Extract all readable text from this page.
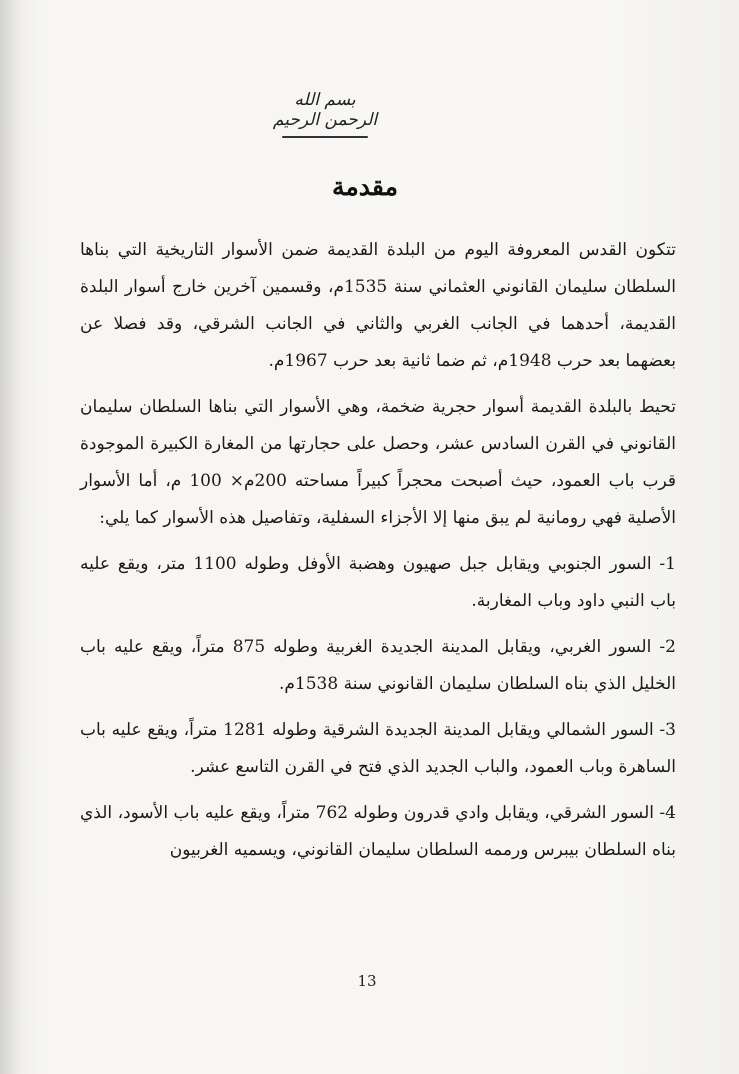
بسم الله الرحمن الرحيم
مقدمة

تتكون القدس المعروفة اليوم من البلدة القديمة ضمن الأسوار التاريخية التي بناها السلطان سليمان القانوني العثماني سنة 1535م، وقسمين آخرين خارج أسوار البلدة القديمة، أحدهما في الجانب الغربي والثاني في الجانب الشرقي، وقد فصلا عن بعضهما بعد حرب 1948م، ثم ضما ثانية بعد حرب 1967م.

تحيط بالبلدة القديمة أسوار حجرية ضخمة، وهي الأسوار التي بناها السلطان سليمان القانوني في القرن السادس عشر، وحصل على حجارتها من المغارة الكبيرة الموجودة قرب باب العمود، حيث أصبحت محجراً كبيراً مساحته 200م× 100 م، أما الأسوار الأصلية فهي رومانية لم يبق منها إلا الأجزاء السفلية، وتفاصيل هذه الأسوار كما يلي:

1- السور الجنوبي ويقابل جبل صهيون وهضبة الأوفل وطوله 1100 متر، ويقع عليه باب النبي داود وباب المغاربة.

2- السور الغربي، ويقابل المدينة الجديدة الغربية وطوله 875 متراً، ويقع عليه باب الخليل الذي بناه السلطان سليمان القانوني سنة 1538م.

3- السور الشمالي ويقابل المدينة الجديدة الشرقية وطوله 1281 متراً، ويقع عليه باب الساهرة وباب العمود، والباب الجديد الذي فتح في القرن التاسع عشر.

4- السور الشرقي، ويقابل وادي قدرون وطوله 762 متراً، ويقع عليه باب الأسود، الذي بناه السلطان بيبرس ورممه السلطان سليمان القانوني، ويسميه الغربيون

13
